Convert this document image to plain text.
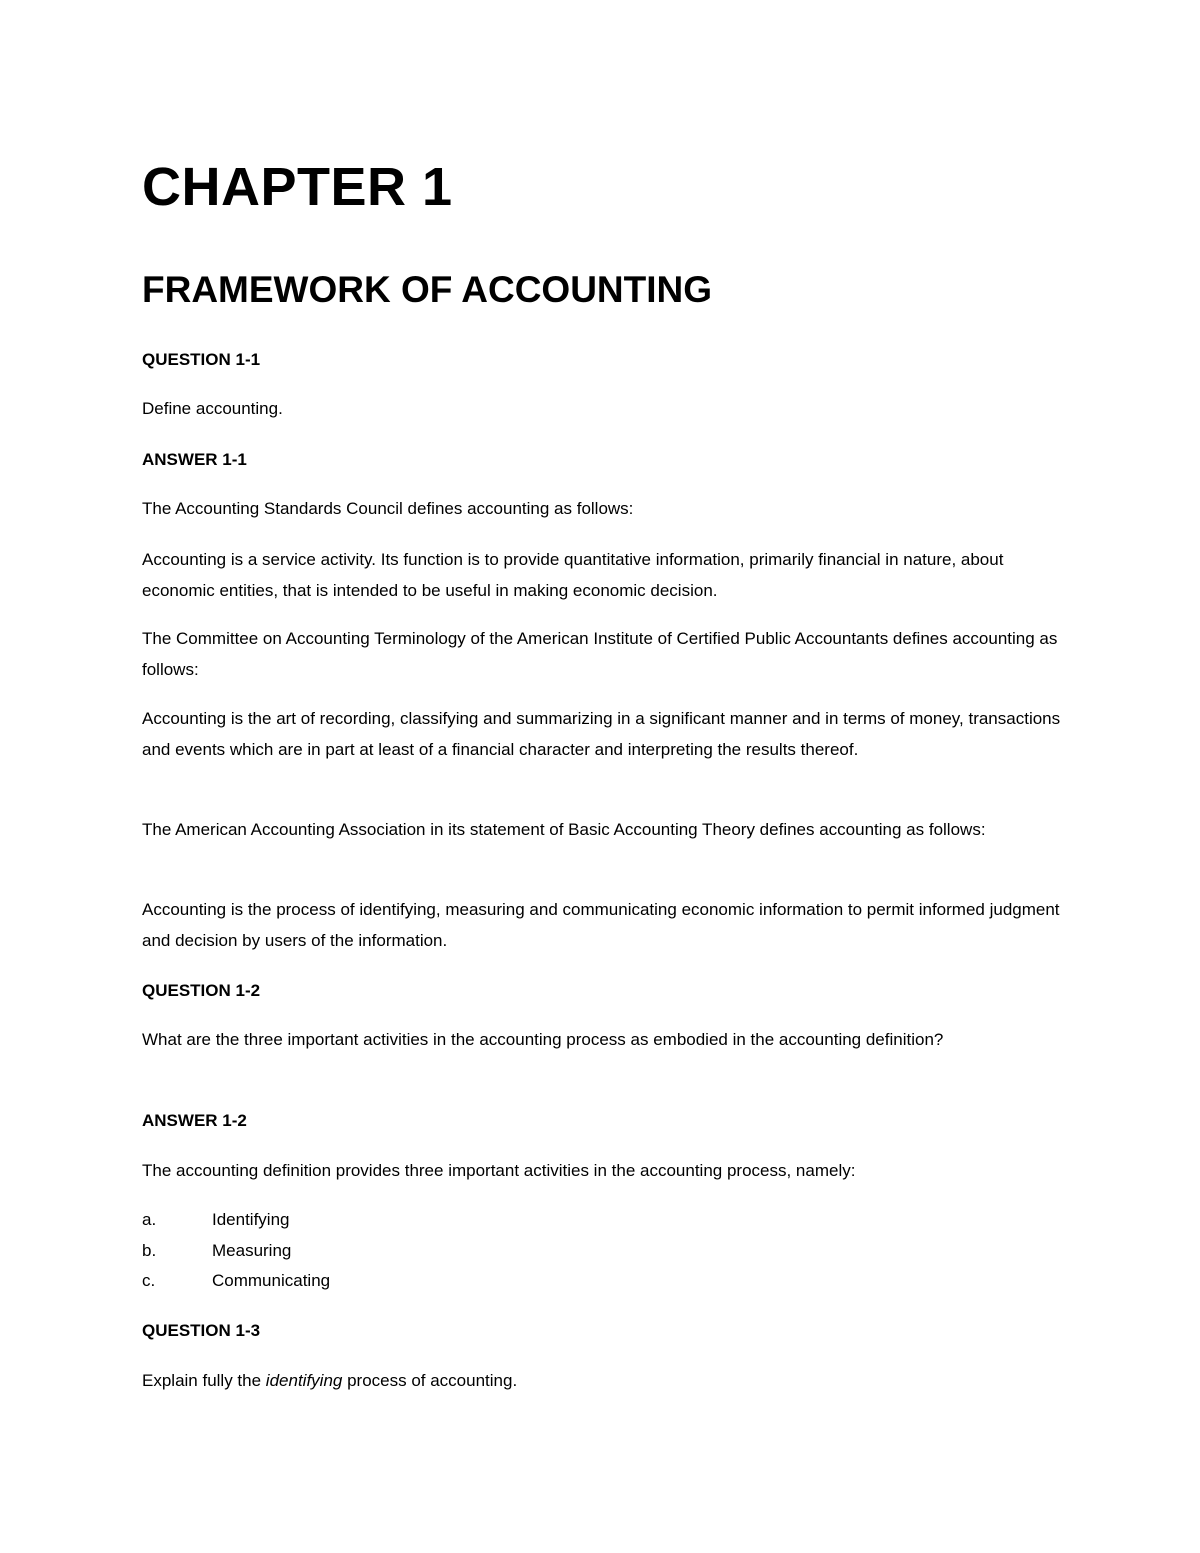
CHAPTER 1
FRAMEWORK OF ACCOUNTING

QUESTION 1-1

Define accounting.

ANSWER 1-1

The Accounting Standards Council defines accounting as follows:

Accounting is a service activity. Its function is to provide quantitative information, primarily financial in nature, about economic entities, that is intended to be useful in making economic decision.

The Committee on Accounting Terminology of the American Institute of Certified Public Accountants defines accounting as follows:

Accounting is the art of recording, classifying and summarizing in a significant manner and in terms of money, transactions and events which are in part at least of a financial character and interpreting the results thereof.

The American Accounting Association in its statement of Basic Accounting Theory defines accounting as follows:

Accounting is the process of identifying, measuring and communicating economic information to permit informed judgment and decision by users of the information.

QUESTION 1-2

What are the three important activities in the accounting process as embodied in the accounting definition?

ANSWER 1-2

The accounting definition provides three important activities in the accounting process, namely:

a.	Identifying
b.	Measuring
c.	Communicating

QUESTION 1-3

Explain fully the identifying process of accounting.
